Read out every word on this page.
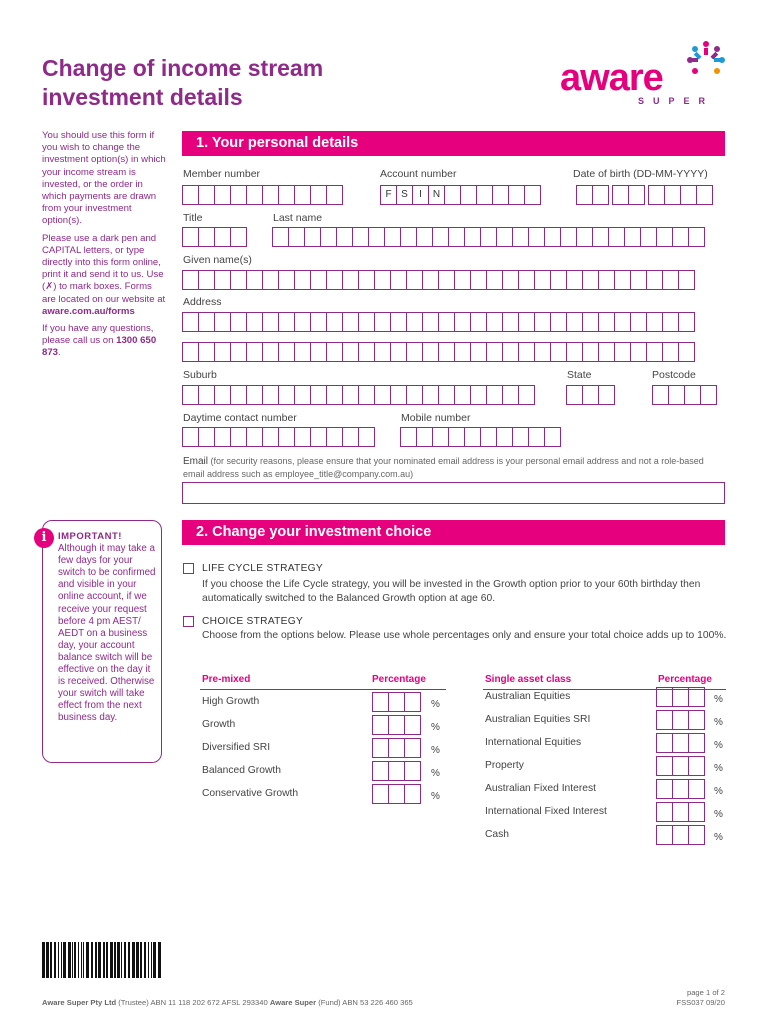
Change of income stream investment details	aware
SUPER

You should use this form if you wish to change the investment option(s) in which your income stream is invested, or the order in which payments are drawn from your investment option(s).

Please use a dark pen and CAPITAL letters, or type directly into this form online, print it and send it to us. Use (✗) to mark boxes. Forms are located on our website at aware.com.au/forms

If you have any questions, please call us on 1300 650 873.

1. Your personal details
Member number	Account number	Date of birth (DD-MM-YYYY)
F S	I	N
Title	Last name
Given name(s)
Address
Suburb	State	Postcode
Daytime contact number	Mobile number
Email (for security reasons, please ensure that your nominated email address is your personal email address and not a role-based email address such as employee_title@company.com.au)
i	IMPORTANT!
Although it may take a few days for your switch to be confirmed and visible in your online account, if we receive your request before 4 pm AEST/ AEDT on a business day, your account balance switch will be effective on the day it is received. Otherwise your switch will take effect from the next business day.
2. Change your investment choice
LIFE CYCLE STRATEGY
If you choose the Life Cycle strategy, you will be invested in the Growth option prior to your 60th birthday then automatically switched to the Balanced Growth option at age 60.
CHOICE STRATEGY
Choose from the options below. Please use whole percentages only and ensure your total choice adds up to 100%.
Pre-mixed	Percentage	Single asset class	Percentage
High Growth	%
Growth	%
Diversified SRI	%
Balanced Growth	%
Conservative Growth	%
Australian Equities	%
Australian Equities SRI	%
International Equities	%
Property	%
Australian Fixed Interest	%
International Fixed Interest	%
Cash	%
Aware Super Pty Ltd (Trustee) ABN 11 118 202 672 AFSL 293340 Aware Super (Fund) ABN 53 226 460 365
page 1 of 2
FSS037 09/20
